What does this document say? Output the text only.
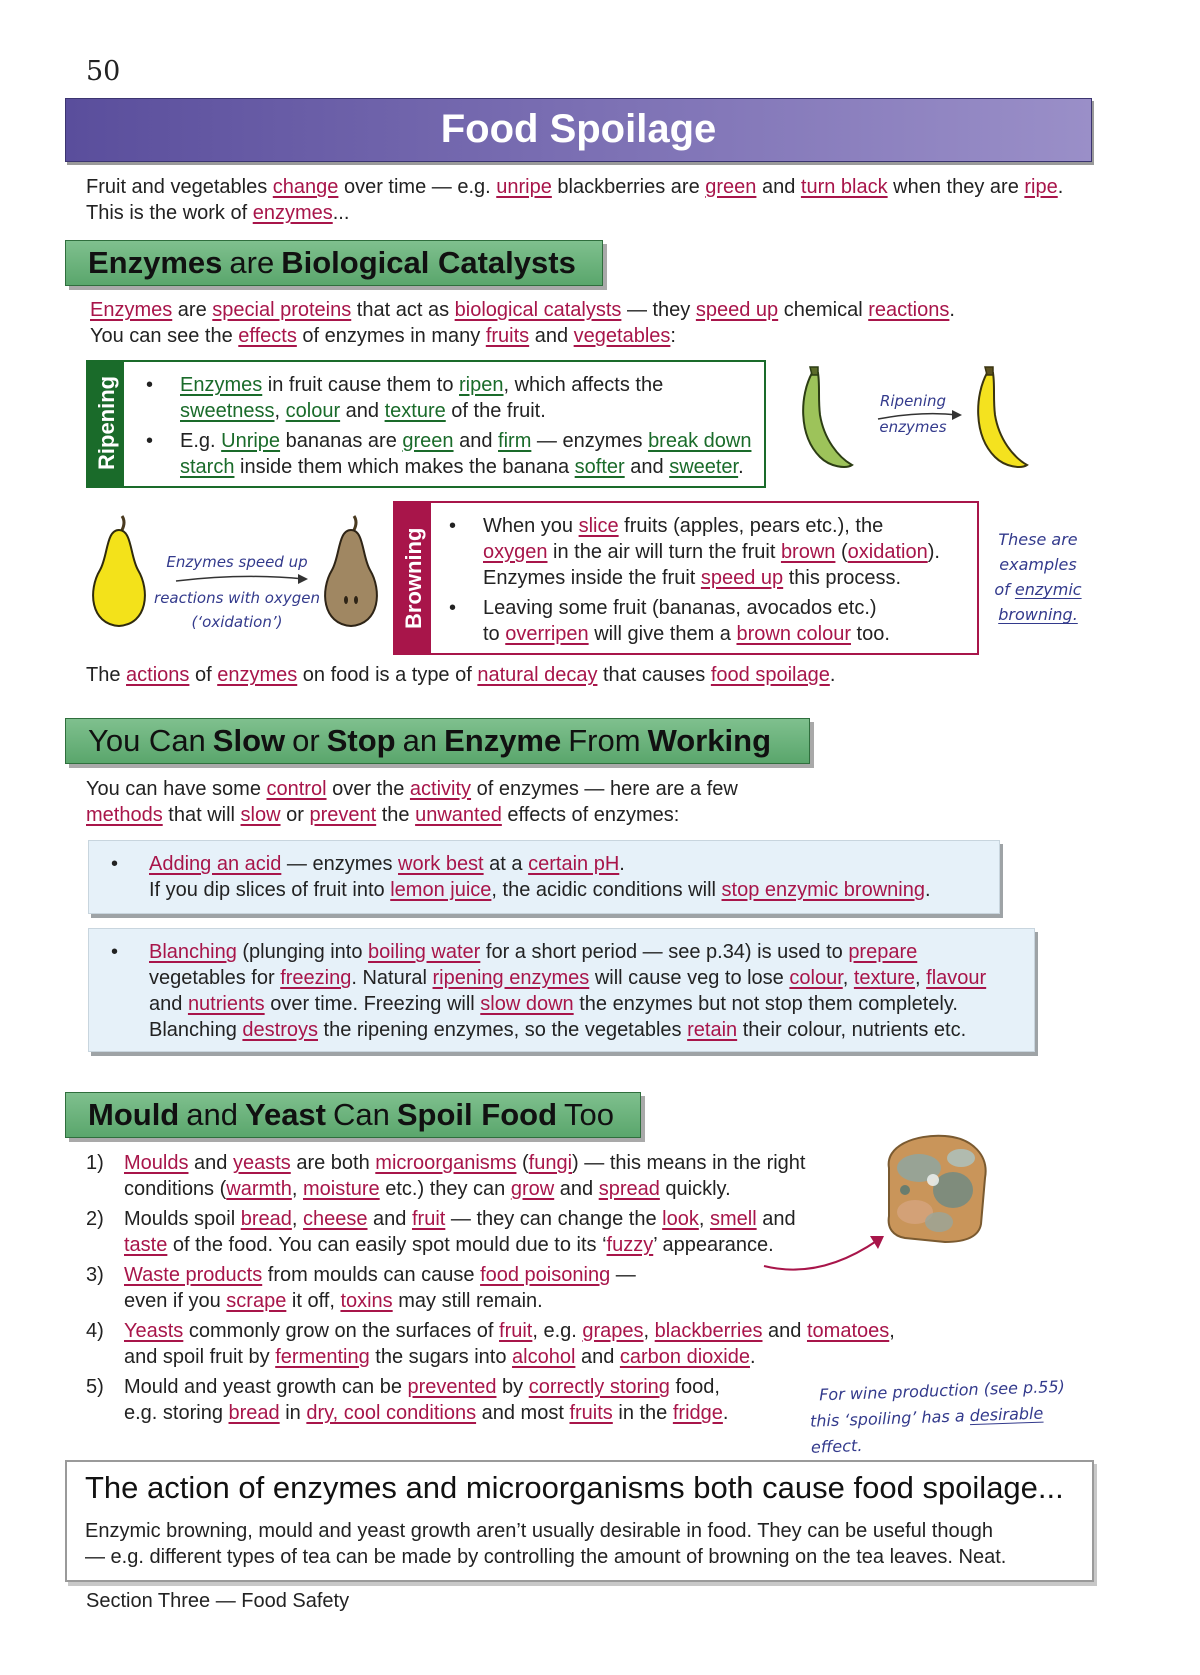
50
Food Spoilage
Fruit and vegetables change over time — e.g. unripe blackberries are green and turn black when they are ripe.
This is the work of enzymes...
Enzymes are Biological Catalysts
Enzymes are special proteins that act as biological catalysts — they speed up chemical reactions.
You can see the effects of enzymes in many fruits and vegetables:
Ripening
•	Enzymes in fruit cause them to ripen, which affects the
sweetness, colour and texture of the fruit.
• E.g. Unripe bananas are green and firm — enzymes break down
starch inside them which makes the banana softer and sweeter.
Ripening
enzymes
Enzymes speed up
reactions with oxygen
(‘oxidation’)	Browning
• When you slice fruits (apples, pears etc.), the
oxygen in the air will turn the fruit brown (oxidation).
Enzymes inside the fruit speed up this process.
• Leaving some fruit (bananas, avocados etc.)
to overripen will give them a brown colour too.
These are
examples
of enzymic
browning.
The actions of enzymes on food is a type of natural decay that causes food spoilage.
You Can Slow or Stop an Enzyme From Working
You can have some control over the activity of enzymes — here are a few
methods that will slow or prevent the unwanted effects of enzymes:
• Adding an acid — enzymes work best at a certain pH.
If you dip slices of fruit into lemon juice, the acidic conditions will stop enzymic browning.
• Blanching (plunging into boiling water for a short period — see p.34) is used to prepare
vegetables for freezing. Natural ripening enzymes will cause veg to lose colour, texture, flavour
and nutrients over time. Freezing will slow down the enzymes but not stop them completely.
Blanching destroys the ripening enzymes, so the vegetables retain their colour, nutrients etc.
Mould and Yeast Can Spoil Food Too
1) Moulds and yeasts are both microorganisms (fungi) — this means in the right
conditions (warmth, moisture etc.) they can grow and spread quickly.
2) Moulds spoil bread, cheese and fruit — they can change the look, smell and
taste of the food. You can easily spot mould due to its ‘fuzzy’ appearance.
3) Waste products from moulds can cause food poisoning —
even if you scrape it off, toxins may still remain.
4) Yeasts commonly grow on the surfaces of fruit, e.g. grapes, blackberries and tomatoes,
and spoil fruit by fermenting the sugars into alcohol and carbon dioxide.
5) Mould and yeast growth can be prevented by correctly storing food,
e.g. storing bread in dry, cool conditions and most fruits in the fridge.
For wine production (see p.55)
this ‘spoiling’ has a desirable effect.
The action of enzymes and microorganisms both cause food spoilage...
Enzymic browning, mould and yeast growth aren’t usually desirable in food. They can be useful though
— e.g. different types of tea can be made by controlling the amount of browning on the tea leaves. Neat.
Section Three — Food Safety
